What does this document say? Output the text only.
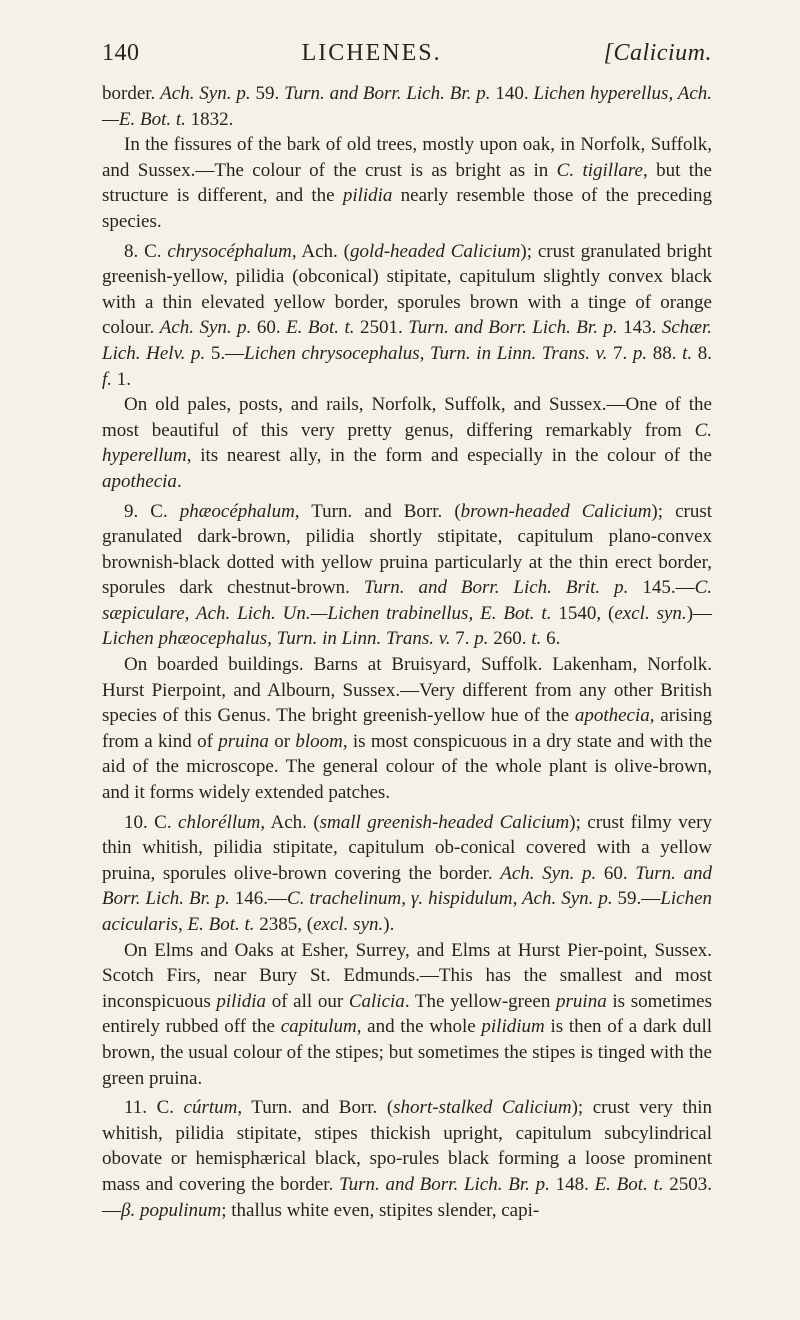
140	LICHENES.	[Calicium.

border. Ach. Syn. p. 59. Turn. and Borr. Lich. Br. p. 140. Lichen hyperellus, Ach.—E. Bot. t. 1832.

In the fissures of the bark of old trees, mostly upon oak, in Norfolk, Suffolk, and Sussex.—The colour of the crust is as bright as in C. tigillare, but the structure is different, and the pilidia nearly resemble those of the preceding species.

8. C. chrysocéphalum, Ach. (gold-headed Calicium); crust granulated bright greenish-yellow, pilidia (obconical) stipitate, capitulum slightly convex black with a thin elevated yellow border, sporules brown with a tinge of orange colour. Ach. Syn. p. 60. E. Bot. t. 2501. Turn. and Borr. Lich. Br. p. 143. Schær. Lich. Helv. p. 5.—Lichen chrysocephalus, Turn. in Linn. Trans. v. 7. p. 88. t. 8. f. 1.

On old pales, posts, and rails, Norfolk, Suffolk, and Sussex.—One of the most beautiful of this very pretty genus, differing remarkably from C. hyperellum, its nearest ally, in the form and especially in the colour of the apothecia.

9. C. phæocéphalum, Turn. and Borr. (brown-headed Calicium); crust granulated dark-brown, pilidia shortly stipitate, capitulum plano-convex brownish-black dotted with yellow pruina particularly at the thin erect border, sporules dark chestnut-brown. Turn. and Borr. Lich. Brit. p. 145.—C. sæpiculare, Ach. Lich. Un.—Lichen trabinellus, E. Bot. t. 1540, (excl. syn.)—Lichen phæocephalus, Turn. in Linn. Trans. v. 7. p. 260. t. 6.

On boarded buildings. Barns at Bruisyard, Suffolk. Lakenham, Norfolk. Hurst Pierpoint, and Albourn, Sussex.—Very different from any other British species of this Genus. The bright greenish-yellow hue of the apothecia, arising from a kind of pruina or bloom, is most conspicuous in a dry state and with the aid of the microscope. The general colour of the whole plant is olive-brown, and it forms widely extended patches.

10. C. chloréllum, Ach. (small greenish-headed Calicium); crust filmy very thin whitish, pilidia stipitate, capitulum ob-conical covered with a yellow pruina, sporules olive-brown covering the border. Ach. Syn. p. 60. Turn. and Borr. Lich. Br. p. 146.—C. trachelinum, γ. hispidulum, Ach. Syn. p. 59.—Lichen acicularis, E. Bot. t. 2385, (excl. syn.).

On Elms and Oaks at Esher, Surrey, and Elms at Hurst Pier-point, Sussex. Scotch Firs, near Bury St. Edmunds.—This has the smallest and most inconspicuous pilidia of all our Calicia. The yellow-green pruina is sometimes entirely rubbed off the capitulum, and the whole pilidium is then of a dark dull brown, the usual colour of the stipes; but sometimes the stipes is tinged with the green pruina.

11. C. cúrtum, Turn. and Borr. (short-stalked Calicium); crust very thin whitish, pilidia stipitate, stipes thickish upright, capitulum subcylindrical obovate or hemisphærical black, spo-rules black forming a loose prominent mass and covering the border. Turn. and Borr. Lich. Br. p. 148. E. Bot. t. 2503.—β. populinum; thallus white even, stipites slender, capi-
